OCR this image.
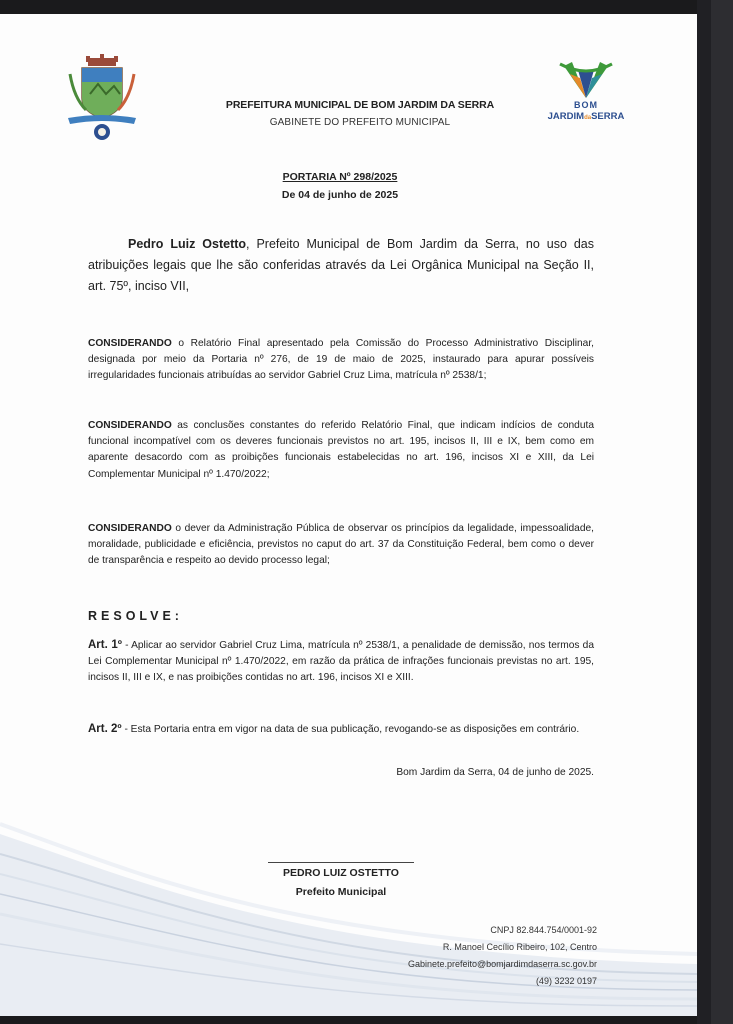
PREFEITURA MUNICIPAL DE BOM JARDIM DA SERRA
GABINETE DO PREFEITO MUNICIPAL
BOM
JARDIMdaSERRA
PORTARIA Nº 298/2025
De 04 de junho de 2025
Pedro Luiz Ostetto, Prefeito Municipal de Bom Jardim da Serra, no uso das atribuições legais que lhe são conferidas através da Lei Orgânica Municipal na Seção II, art. 75º, inciso VII,
CONSIDERANDO o Relatório Final apresentado pela Comissão do Processo Administrativo Disciplinar, designada por meio da Portaria nº 276, de 19 de maio de 2025, instaurado para apurar possíveis irregularidades funcionais atribuídas ao servidor Gabriel Cruz Lima, matrícula nº 2538/1;
CONSIDERANDO as conclusões constantes do referido Relatório Final, que indicam indícios de conduta funcional incompatível com os deveres funcionais previstos no art. 195, incisos II, III e IX, bem como em aparente desacordo com as proibições funcionais estabelecidas no art. 196, incisos XI e XIII, da Lei Complementar Municipal nº 1.470/2022;
CONSIDERANDO o dever da Administração Pública de observar os princípios da legalidade, impessoalidade, moralidade, publicidade e eficiência, previstos no caput do art. 37 da Constituição Federal, bem como o dever de transparência e respeito ao devido processo legal;
RESOLVE:
Art. 1º - Aplicar ao servidor Gabriel Cruz Lima, matrícula nº 2538/1, a penalidade de demissão, nos termos da Lei Complementar Municipal nº 1.470/2022, em razão da prática de infrações funcionais previstas no art. 195, incisos II, III e IX, e nas proibições contidas no art. 196, incisos XI e XIII.
Art. 2º - Esta Portaria entra em vigor na data de sua publicação, revogando-se as disposições em contrário.
Bom Jardim da Serra, 04 de junho de 2025.
PEDRO LUIZ OSTETTO
Prefeito Municipal
CNPJ 82.844.754/0001-92
R. Manoel Cecílio Ribeiro, 102, Centro
Gabinete.prefeito@bomjardimdaserra.sc.gov.br
(49) 3232 0197
